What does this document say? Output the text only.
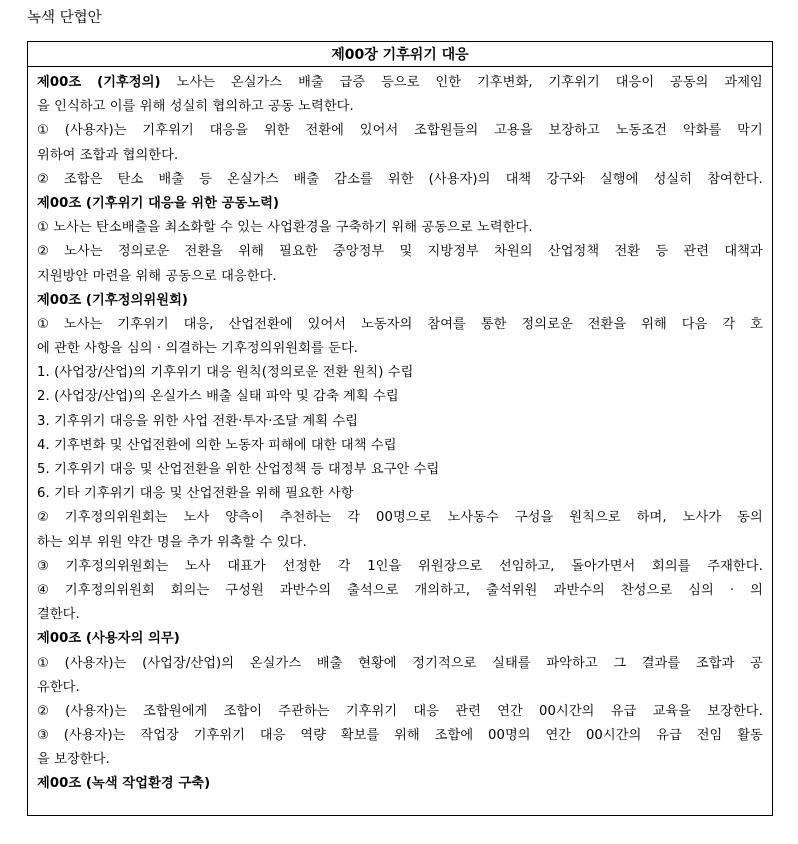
녹색 단협안
제00장 기후위기 대응
제00조 (기후정의) 노사는 온실가스 배출 급증 등으로 인한 기후변화, 기후위기 대응이 공동의 과제임
을 인식하고 이를 위해 성실히 협의하고 공동 노력한다.
① (사용자)는 기후위기 대응을 위한 전환에 있어서 조합원들의 고용을 보장하고 노동조건 악화를 막기
위하여 조합과 협의한다.
② 조합은 탄소 배출 등 온실가스 배출 감소를 위한 (사용자)의 대책 강구와 실행에 성실히 참여한다.
제00조 (기후위기 대응을 위한 공동노력)
① 노사는 탄소배출을 최소화할 수 있는 사업환경을 구축하기 위해 공동으로 노력한다.
② 노사는 정의로운 전환을 위해 필요한 중앙정부 및 지방정부 차원의 산업정책 전환 등 관련 대책과
지원방안 마련을 위해 공동으로 대응한다.
제00조 (기후정의위원회)
① 노사는 기후위기 대응, 산업전환에 있어서 노동자의 참여를 통한 정의로운 전환을 위해 다음 각 호
에 관한 사항을 심의 · 의결하는 기후정의위원회를 둔다.
1. (사업장/산업)의 기후위기 대응 원칙(정의로운 전환 원칙) 수립
2. (사업장/산업)의 온실가스 배출 실태 파악 및 감축 계획 수립
3. 기후위기 대응을 위한 사업 전환·투자·조달 계획 수립
4. 기후변화 및 산업전환에 의한 노동자 피해에 대한 대책 수립
5. 기후위기 대응 및 산업전환을 위한 산업정책 등 대정부 요구안 수립
6. 기타 기후위기 대응 및 산업전환을 위해 필요한 사항
② 기후정의위원회는 노사 양측이 추천하는 각 00명으로 노사동수 구성을 원칙으로 하며, 노사가 동의
하는 외부 위원 약간 명을 추가 위촉할 수 있다.
③ 기후정의위원회는 노사 대표가 선정한 각 1인을 위원장으로 선임하고, 돌아가면서 회의를 주재한다.
④ 기후정의위원회 회의는 구성원 과반수의 출석으로 개의하고, 출석위원 과반수의 찬성으로 심의 · 의
결한다.
제00조 (사용자의 의무)
① (사용자)는 (사업장/산업)의 온실가스 배출 현황에 정기적으로 실태를 파악하고 그 결과를 조합과 공
유한다.
② (사용자)는 조합원에게 조합이 주관하는 기후위기 대응 관련 연간 00시간의 유급 교육을 보장한다.
③ (사용자)는 작업장 기후위기 대응 역량 확보를 위해 조합에 00명의 연간 00시간의 유급 전임 활동
을 보장한다.
제00조 (녹색 작업환경 구축)
